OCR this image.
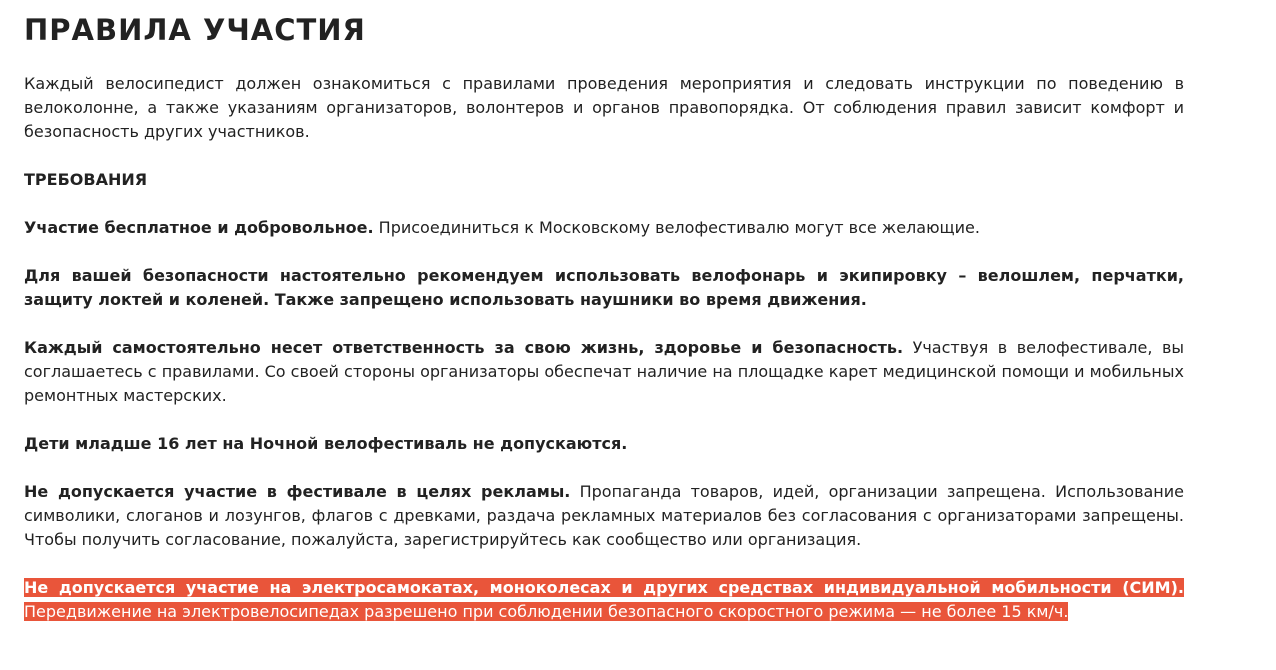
ПРАВИЛА УЧАСТИЯ

Каждый велосипедист должен ознакомиться с правилами проведения мероприятия и следовать инструкции по поведению в велоколонне, а также указаниям организаторов, волонтеров и органов правопорядка. От соблюдения правил зависит комфорт и безопасность других участников.

ТРЕБОВАНИЯ

Участие бесплатное и добровольное. Присоединиться к Московскому велофестивалю могут все желающие.

Для вашей безопасности настоятельно рекомендуем использовать велофонарь и экипировку – велошлем, перчатки, защиту локтей и коленей. Также запрещено использовать наушники во время движения.

Каждый самостоятельно несет ответственность за свою жизнь, здоровье и безопасность. Участвуя в велофестивале, вы соглашаетесь с правилами. Со своей стороны организаторы обеспечат наличие на площадке карет медицинской помощи и мобильных ремонтных мастерских.

Дети младше 16 лет на Ночной велофестиваль не допускаются.

Не допускается участие в фестивале в целях рекламы. Пропаганда товаров, идей, организации запрещена. Использование символики, слоганов и лозунгов, флагов с древками, раздача рекламных материалов без согласования с организаторами запрещены. Чтобы получить согласование, пожалуйста, зарегистрируйтесь как сообщество или организация.

Не допускается участие на электросамокатах, моноколесах и других средствах индивидуальной мобильности (СИМ). Передвижение на электровелосипедах разрешено при соблюдении безопасного скоростного режима — не более 15 км/ч.
